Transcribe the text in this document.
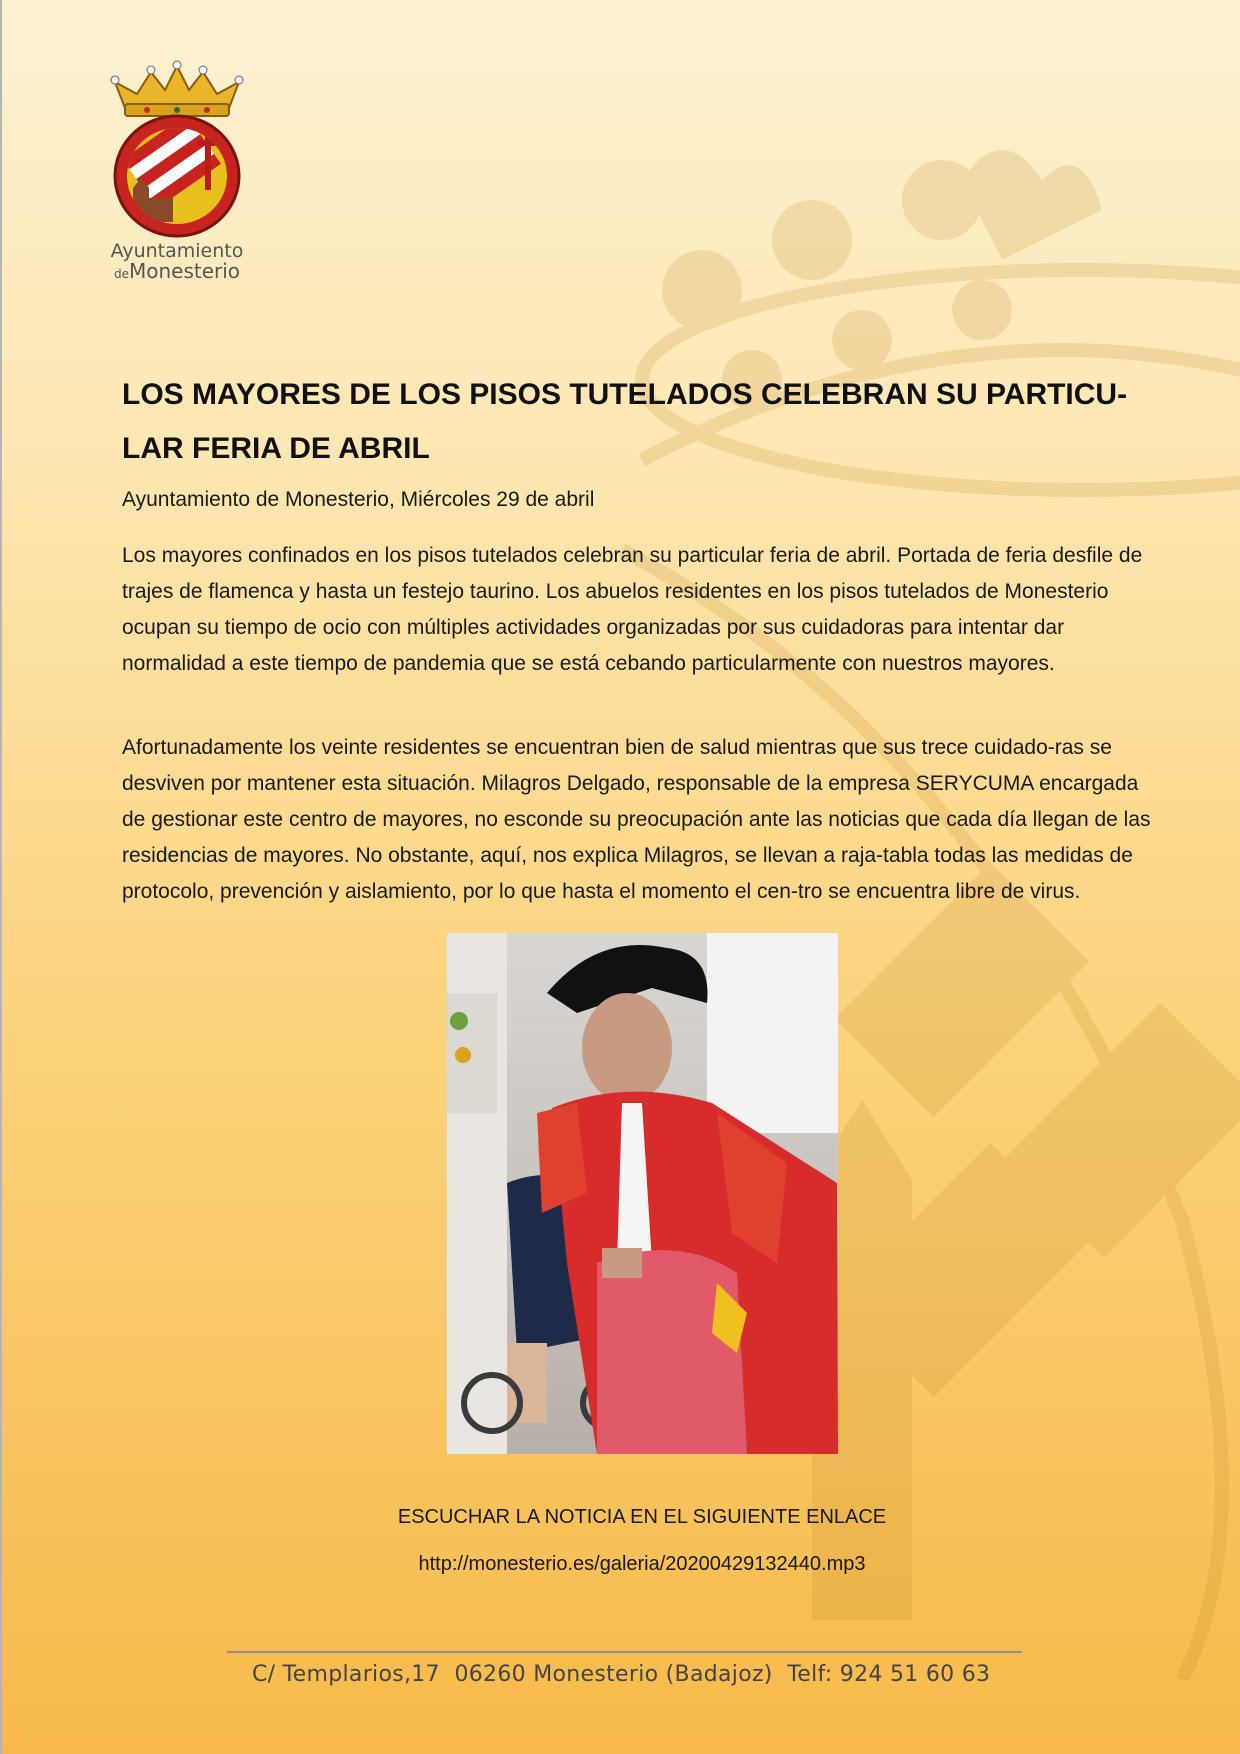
Ayuntamiento
deMonesterio
LOS MAYORES DE LOS PISOS TUTELADOS CELEBRAN SU PARTICU-LAR FERIA DE ABRIL

Ayuntamiento de Monesterio, Miércoles 29 de abril

Los mayores confinados en los pisos tutelados celebran su particular feria de abril. Portada de feria desfile de trajes de flamenca y hasta un festejo taurino. Los abuelos residentes en los pisos tutelados de Monesterio ocupan su tiempo de ocio con múltiples actividades organizadas por sus cuidadoras para intentar dar normalidad a este tiempo de pandemia que se está cebando particularmente con nuestros mayores.

Afortunadamente los veinte residentes se encuentran bien de salud mientras que sus trece cuidado-ras se desviven por mantener esta situación. Milagros Delgado, responsable de la empresa SERYCUMA encargada de gestionar este centro de mayores, no esconde su preocupación ante las noticias que cada día llegan de las residencias de mayores. No obstante, aquí, nos explica Milagros, se llevan a raja-tabla todas las medidas de protocolo, prevención y aislamiento, por lo que hasta el momento el cen-tro se encuentra libre de virus.

ESCUCHAR LA NOTICIA EN EL SIGUIENTE ENLACE

http://monesterio.es/galeria/20200429132440.mp3

C/ Templarios,17  06260 Monesterio (Badajoz)  Telf: 924 51 60 63
